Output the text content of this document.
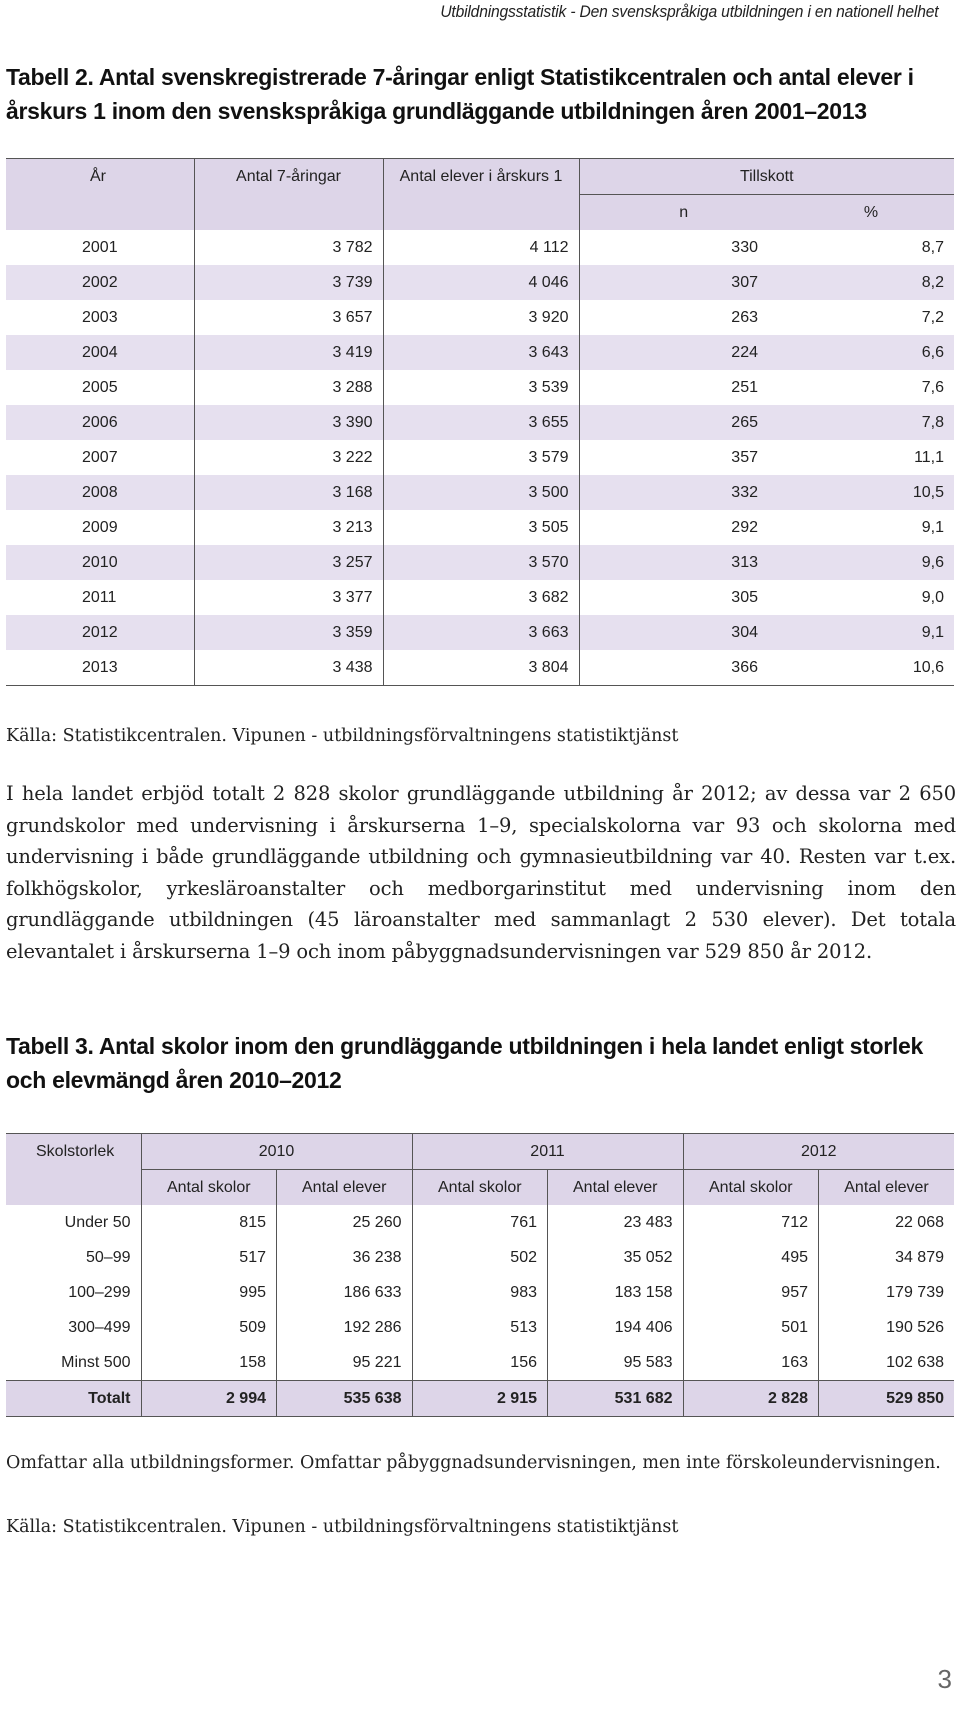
Utbildningsstatistik - Den svenskspråkiga utbildningen i en nationell helhet
Tabell 2. Antal svenskregistrerade 7-åringar enligt Statistikcentralen och antal elever i årskurs 1 inom den svenskspråkiga grundläggande utbildningen åren 2001–2013
År	Antal 7-åringar	Antal elever i årskurs 1	Tillskott	
			n	%
2001	3 782	4 112	330	8,7
2002	3 739	4 046	307	8,2
2003	3 657	3 920	263	7,2
2004	3 419	3 643	224	6,6
2005	3 288	3 539	251	7,6
2006	3 390	3 655	265	7,8
2007	3 222	3 579	357	11,1
2008	3 168	3 500	332	10,5
2009	3 213	3 505	292	9,1
2010	3 257	3 570	313	9,6
2011	3 377	3 682	305	9,0
2012	3 359	3 663	304	9,1
2013	3 438	3 804	366	10,6
Källa: Statistikcentralen. Vipunen - utbildningsförvaltningens statistiktjänst
I hela landet erbjöd totalt 2 828 skolor grundläggande utbildning år 2012; av dessa var 2 650 grundskolor med undervisning i årskurserna 1–9, specialskolorna var 93 och skolorna med undervisning i både grundläggande utbildning och gymnasieutbildning var 40. Resten var t.ex. folkhögskolor, yrkesläroanstalter och medborgarinstitut med undervisning inom den grundläggande utbildningen (45 läroanstalter med sammanlagt 2 530 elever). Det totala elevantalet i årskurserna 1–9 och inom påbyggnadsundervisningen var 529 850 år 2012.
Tabell 3. Antal skolor inom den grundläggande utbildningen i hela landet enligt storlek och elevmängd åren 2010–2012
Skolstorlek	2010		2011		2012	
	Antal skolor	Antal elever	Antal skolor	Antal elever	Antal skolor	Antal elever
Under 50	815	25 260	761	23 483	712	22 068
50–99	517	36 238	502	35 052	495	34 879
100–299	995	186 633	983	183 158	957	179 739
300–499	509	192 286	513	194 406	501	190 526
Minst 500	158	95 221	156	95 583	163	102 638
Totalt	2 994	535 638	2 915	531 682	2 828	529 850
Omfattar alla utbildningsformer. Omfattar påbyggnadsundervisningen, men inte förskoleundervisningen.
Källa: Statistikcentralen. Vipunen - utbildningsförvaltningens statistiktjänst
3
